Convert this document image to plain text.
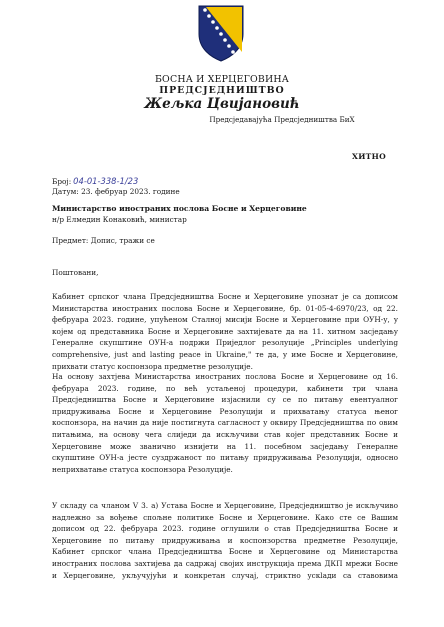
БОСНА И ХЕРЦЕГОВИНА
ПРЕДСЈЕДНИШТВО
Жељка Цвијановић
Предсједавајућа Предсједништва БиХ
ХИТНО
Број: 04-01-338-1/23
Датум: 23. фебруар 2023. године
Министарство иностраних послова Босне и Херцеговине
н/р Елмедин Конаковић, министар
Предмет: Допис, тражи се
Поштовани,
Кабинет српског члана Предсједништва Босне и Херцеговине упознат је са дописом
Министарства иностраних послова Босне и Херцеговине, бр. 01-05-4-6970/23, од 22.
фебруара 2023. године, упућеном Сталној мисији Босне и Херцеговине при ОУН-у, у
којем од представника Босне и Херцеговине захтијевате да на 11. хитном засједању
Генералне скупштине ОУН-а подржи Приједлог резолуције „Principles underlying
comprehensive, just and lasting peace in Ukraine," те да, у име Босне и Херцеговине,
прихвати статус коспонзора предметне резолуције.
На основу захтјева Министарства иностраних послова Босне и Херцеговине од 16.
фебруара 2023. године, по већ устаљеној процедури, кабинети три члана
Предсједништва Босне и Херцеговине изјаснили су се по питању евентуалног
придруживања Босне и Херцеговине Резолуцији и прихватању статуса њеног
коспонзора, на начин да није постигнута сагласност у оквиру Предсједништва по овим
питањима, на основу чега слиједи да искључиви став којег представник Босне и
Херцеговине може званично изнијети на 11. посебном засједању Генералне
скупштине ОУН-а јесте суздржаност по питању придруживања Резолуцији, односно
неприхватање статуса коспонзора Резолуције.
У складу са чланом V 3. а) Устава Босне и Херцеговине, Предсједништво је искључиво
надлежно за вођење спољне политике Босне и Херцеговине. Како сте се Вашим
дописом од 22. фебруара 2023. године оглушили о став Предсједништва Босне и
Херцеговине по питању придруживања и коспонзорства предметне Резолуције,
Кабинет српског члана Предсједништва Босне и Херцеговине од Министарства
иностраних послова захтијева да садржај својих инструкција према ДКП мрежи Босне
и Херцеговине, укључујући и конкретан случај, стриктно ускlади са ставовима
